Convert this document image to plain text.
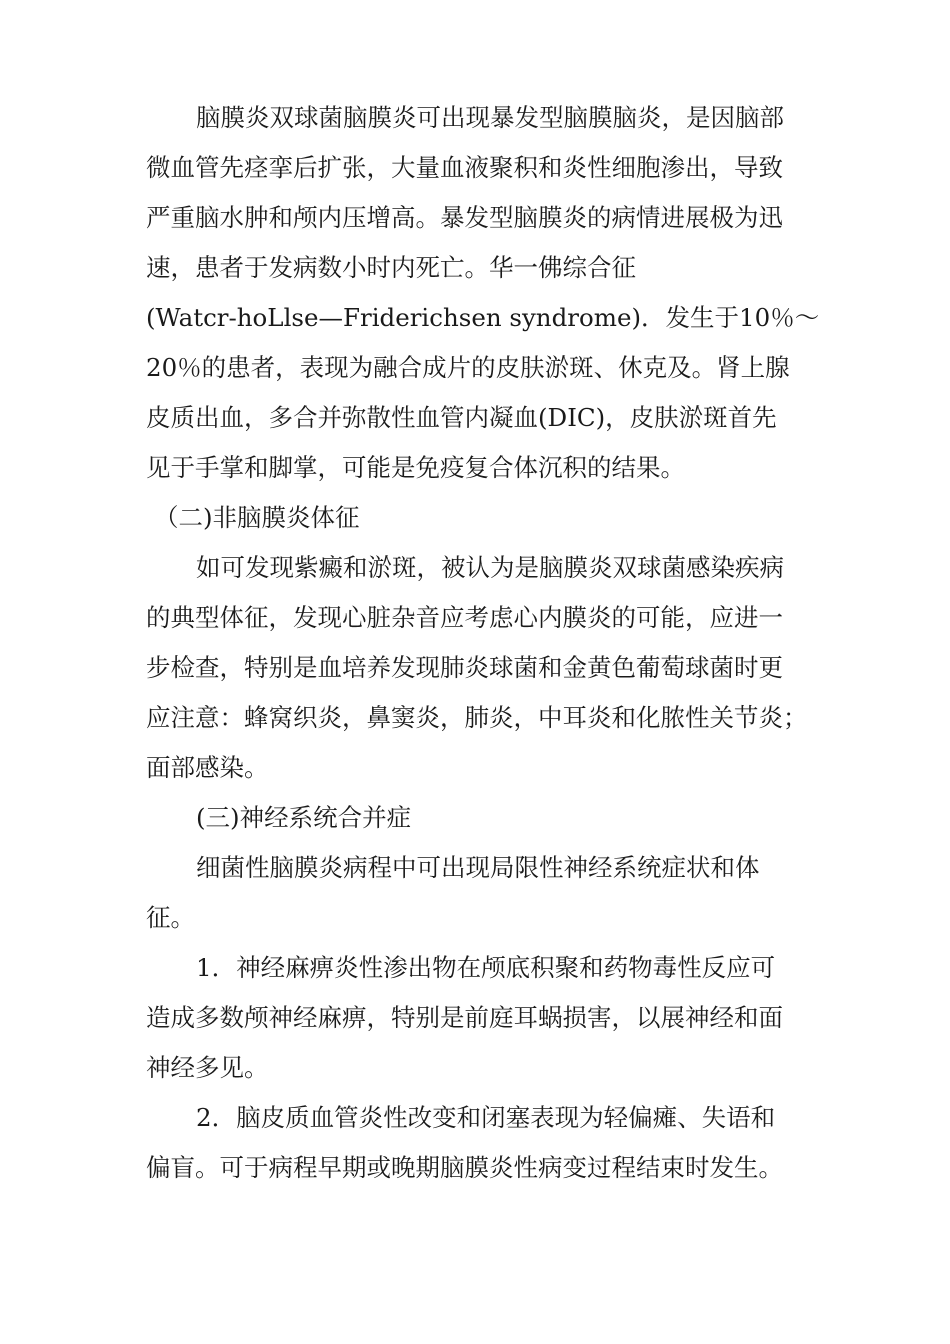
脑膜炎双球菌脑膜炎可出现暴发型脑膜脑炎，是因脑部
微血管先痉挛后扩张，大量血液聚积和炎性细胞渗出，导致
严重脑水肿和颅内压增高。暴发型脑膜炎的病情进展极为迅
速，患者于发病数小时内死亡。华一佛综合征
(Watcr-hoLlse—Friderichsen syndrome)．发生于10％～
20％的患者，表现为融合成片的皮肤淤斑、休克及。肾上腺
皮质出血，多合并弥散性血管内凝血(DIC)，皮肤淤斑首先
见于手掌和脚掌，可能是免疫复合体沉积的结果。
（二)非脑膜炎体征
如可发现紫癜和淤斑，被认为是脑膜炎双球菌感染疾病
的典型体征，发现心脏杂音应考虑心内膜炎的可能，应进一
步检查，特别是血培养发现肺炎球菌和金黄色葡萄球菌时更
应注意：蜂窝织炎，鼻窦炎，肺炎，中耳炎和化脓性关节炎；
面部感染。
(三)神经系统合并症
细菌性脑膜炎病程中可出现局限性神经系统症状和体
征。
1．神经麻痹炎性渗出物在颅底积聚和药物毒性反应可
造成多数颅神经麻痹，特别是前庭耳蜗损害，以展神经和面
神经多见。
2．脑皮质血管炎性改变和闭塞表现为轻偏瘫、失语和
偏盲。可于病程早期或晚期脑膜炎性病变过程结束时发生。
